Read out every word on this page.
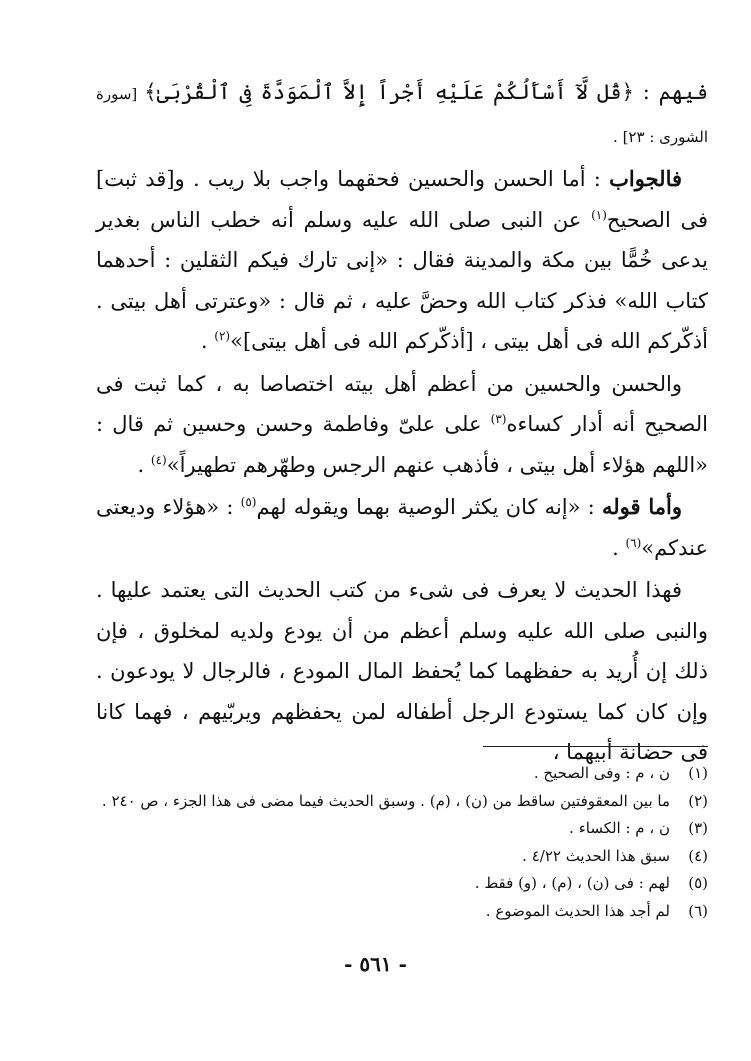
فيهم : ﴿قُل لَّآ أَسْأَلُكُمْ عَلَيْهِ أَجْراً إِلاَّ ٱلْمَوَدَّةَ فِى ٱلْقُرْبَىٰ﴾ [سورة الشورى : ٢٣] .

فالجواب : أما الحسن والحسين فحقهما واجب بلا ريب . و[قد ثبت] فى الصحيح$^{(١)}$ عن النبى صلى الله عليه وسلم أنه خطب الناس بغدير يدعى خُمًّا بين مكة والمدينة فقال : «إنى تارك فيكم الثقلين : أحدهما كتاب الله» فذكر كتاب الله وحضَّ عليه ، ثم قال : «وعترتى أهل بيتى . أذكّركم الله فى أهل بيتى ، [أذكّركم الله فى أهل بيتى]»$^{(٢)}$ .

والحسن والحسين من أعظم أهل بيته اختصاصا به ، كما ثبت فى الصحيح أنه أدار كساءه$^{(٣)}$ على علىّ وفاطمة وحسن وحسين ثم قال : «اللهم هؤلاء أهل بيتى ، فأذهب عنهم الرجس وطهّرهم تطهيراً»$^{(٤)}$ .

وأما قوله : «إنه كان يكثر الوصية بهما ويقوله لهم$^{(٥)}$ : «هؤلاء وديعتى عندكم»$^{(٦)}$ .

فهذا الحديث لا يعرف فى شىء من كتب الحديث التى يعتمد عليها . والنبى صلى الله عليه وسلم أعظم من أن يودع ولديه لمخلوق ، فإن ذلك إن أُريد به حفظهما كما يُحفظ المال المودع ، فالرجال لا يودعون . وإن كان كما يستودع الرجل أطفاله لمن يحفظهم ويربّيهم ، فهما كانا فى حضانة أبيهما ،

(١)
ن ، م : وفى الصحيح .
(٢)
ما بين المعقوفتين ساقط من (ن) ، (م) . وسبق الحديث فيما مضى فى هذا الجزء ، ص ٢٤٠ .
(٣)
ن ، م : الكساء .
(٤)
سبق هذا الحديث ٤/٢٢ .
(٥)
لهم : فى (ن) ، (م) ، (و) فقط .
(٦)
لم أجد هذا الحديث الموضوع .
- ٥٦١ -
